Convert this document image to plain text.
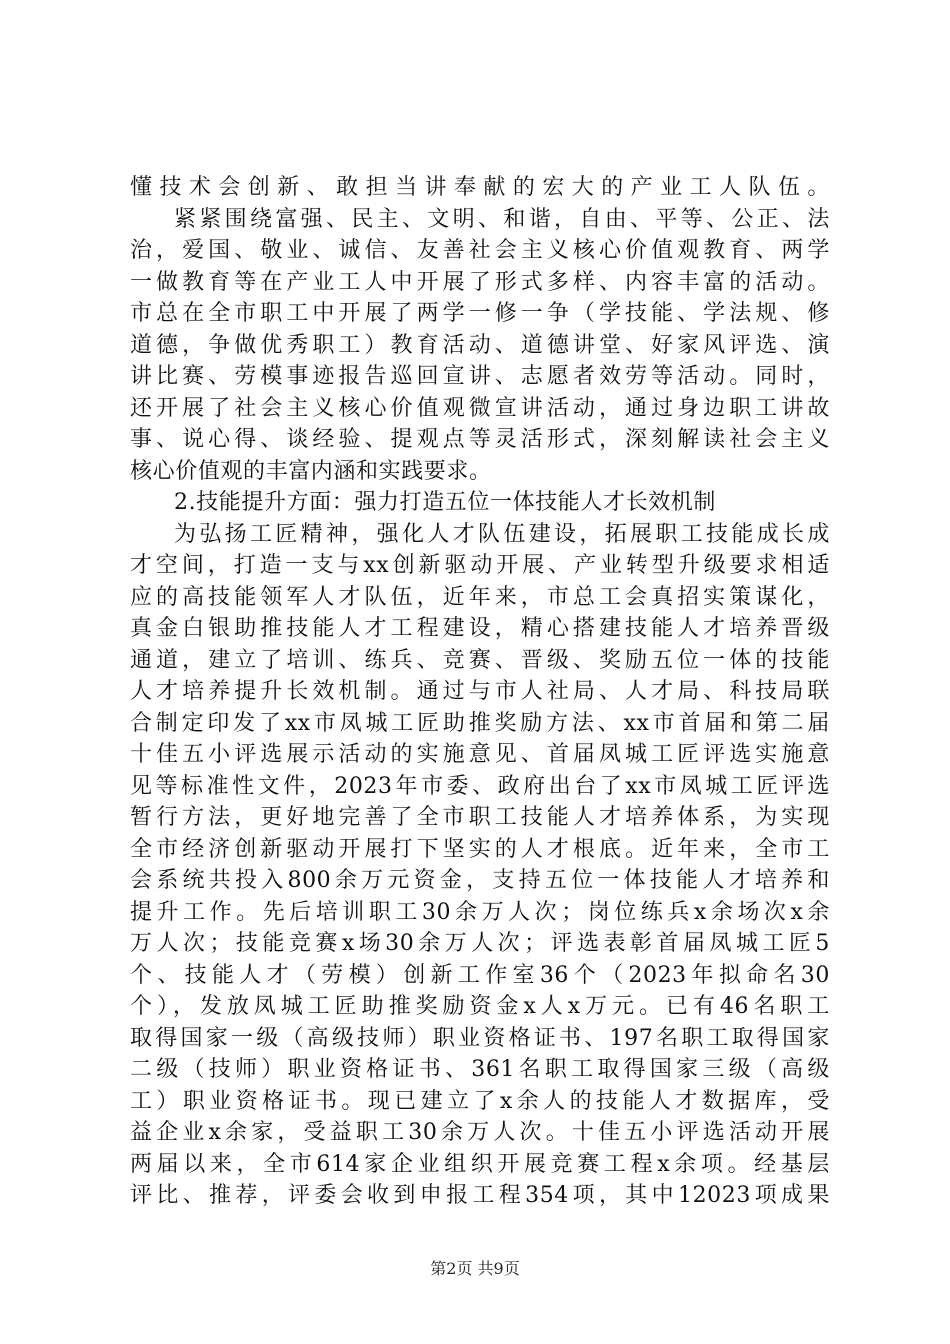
懂技术会创新、敢担当讲奉献的宏大的产业工人队伍。
紧紧围绕富强、民主、文明、和谐，自由、平等、公正、法
治，爱国、敬业、诚信、友善社会主义核心价值观教育、两学
一做教育等在产业工人中开展了形式多样、内容丰富的活动。
市总在全市职工中开展了两学一修一争（学技能、学法规、修
道德，争做优秀职工）教育活动、道德讲堂、好家风评选、演
讲比赛、劳模事迹报告巡回宣讲、志愿者效劳等活动。同时，
还开展了社会主义核心价值观微宣讲活动，通过身边职工讲故
事、说心得、谈经验、提观点等灵活形式，深刻解读社会主义
核心价值观的丰富内涵和实践要求。
2.技能提升方面：强力打造五位一体技能人才长效机制
为弘扬工匠精神，强化人才队伍建设，拓展职工技能成长成
才空间，打造一支与xx创新驱动开展、产业转型升级要求相适
应的高技能领军人才队伍，近年来，市总工会真招实策谋化，
真金白银助推技能人才工程建设，精心搭建技能人才培养晋级
通道，建立了培训、练兵、竞赛、晋级、奖励五位一体的技能
人才培养提升长效机制。通过与市人社局、人才局、科技局联
合制定印发了xx市凤城工匠助推奖励方法、xx市首届和第二届
十佳五小评选展示活动的实施意见、首届凤城工匠评选实施意
见等标准性文件，2023年市委、政府出台了xx市凤城工匠评选
暂行方法，更好地完善了全市职工技能人才培养体系，为实现
全市经济创新驱动开展打下坚实的人才根底。近年来，全市工
会系统共投入800余万元资金，支持五位一体技能人才培养和
提升工作。先后培训职工30余万人次；岗位练兵x余场次x余
万人次；技能竞赛x场30余万人次；评选表彰首届凤城工匠5
个、技能人才（劳模）创新工作室36个（2023年拟命名30
个），发放凤城工匠助推奖励资金x人x万元。已有46名职工
取得国家一级（高级技师）职业资格证书、197名职工取得国家
二级（技师）职业资格证书、361名职工取得国家三级（高级
工）职业资格证书。现已建立了x余人的技能人才数据库，受
益企业x余家，受益职工30余万人次。十佳五小评选活动开展
两届以来，全市614家企业组织开展竞赛工程x余项。经基层
评比、推荐，评委会收到申报工程354项，其中12023项成果
第2页 共9页
